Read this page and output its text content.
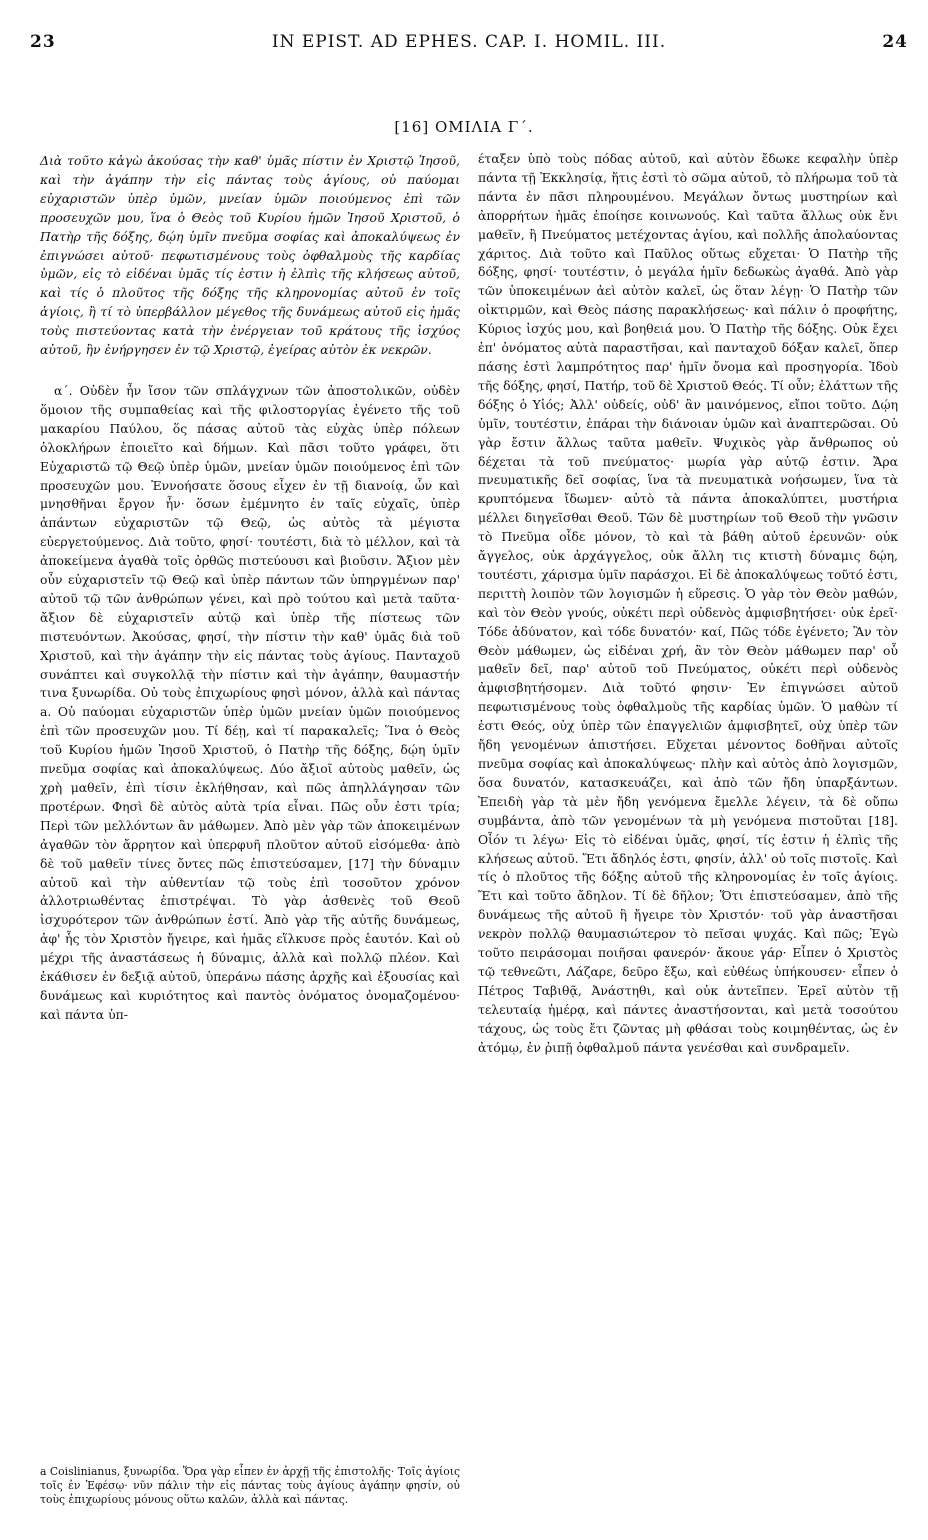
23	IN EPIST. AD EPHES. CAP. I. HOMIL. III.	24
[16] ΟΜΙΛΙΑ Γ΄.

Διὰ τοῦτο κἀγὼ ἀκούσας τὴν καθ' ὑμᾶς πίστιν ἐν Χριστῷ Ἰησοῦ, καὶ τὴν ἀγάπην τὴν εἰς πάντας τοὺς ἁγίους, οὐ παύομαι εὐχαριστῶν ὑπὲρ ὑμῶν, μνείαν ὑμῶν ποιούμενος ἐπὶ τῶν προσευχῶν μου, ἵνα ὁ Θεὸς τοῦ Κυρίου ἡμῶν Ἰησοῦ Χριστοῦ, ὁ Πατὴρ τῆς δόξης, δῴη ὑμῖν πνεῦμα σοφίας καὶ ἀποκαλύψεως ἐν ἐπιγνώσει αὐτοῦ· πεφωτισμένους τοὺς ὀφθαλμοὺς τῆς καρδίας ὑμῶν, εἰς τὸ εἰδέναι ὑμᾶς τίς ἐστιν ἡ ἐλπὶς τῆς κλήσεως αὐτοῦ, καὶ τίς ὁ πλοῦτος τῆς δόξης τῆς κληρονομίας αὐτοῦ ἐν τοῖς ἁγίοις, ἢ τί τὸ ὑπερβάλλον μέγεθος τῆς δυνάμεως αὐτοῦ εἰς ἡμᾶς τοὺς πιστεύοντας κατὰ τὴν ἐνέργειαν τοῦ κράτους τῆς ἰσχύος αὐτοῦ, ἣν ἐνήργησεν ἐν τῷ Χριστῷ, ἐγείρας αὐτὸν ἐκ νεκρῶν.

α΄. Οὐδὲν ἦν ἴσον τῶν σπλάγχνων τῶν ἀποστολικῶν, οὐδὲν ὅμοιον τῆς συμπαθείας καὶ τῆς φιλοστοργίας ἐγένετο τῆς τοῦ μακαρίου Παύλου, ὅς πάσας αὐτοῦ τὰς εὐχὰς ὑπὲρ πόλεων ὁλοκλήρων ἐποιεῖτο καὶ δήμων. Καὶ πᾶσι τοῦτο γράφει, ὅτι Εὐχαριστῶ τῷ Θεῷ ὑπὲρ ὑμῶν, μνείαν ὑμῶν ποιούμενος ἐπὶ τῶν προσευχῶν μου. Ἐννοήσατε ὅσους εἶχεν ἐν τῇ διανοίᾳ, ὧν καὶ μνησθῆναι ἔργον ἦν· ὅσων ἐμέμνητο ἐν ταῖς εὐχαῖς, ὑπὲρ ἁπάντων εὐχαριστῶν τῷ Θεῷ, ὡς αὐτὸς τὰ μέγιστα εὐεργετούμενος. Διὰ τοῦτο, φησί· τουτέστι, διὰ τὸ μέλλον, καὶ τὰ ἀποκείμενα ἀγαθὰ τοῖς ὀρθῶς πιστεύουσι καὶ βιοῦσιν. Ἄξιον μὲν οὖν εὐχαριστεῖν τῷ Θεῷ καὶ ὑπὲρ πάντων τῶν ὑπηργμένων παρ' αὐτοῦ τῷ τῶν ἀνθρώπων γένει, καὶ πρὸ τούτου καὶ μετὰ ταῦτα· ἄξιον δὲ εὐχαριστεῖν αὐτῷ καὶ ὑπὲρ τῆς πίστεως τῶν πιστευόντων. Ἀκούσας, φησί, τὴν πίστιν τὴν καθ' ὑμᾶς διὰ τοῦ Χριστοῦ, καὶ τὴν ἀγάπην τὴν εἰς πάντας τοὺς ἁγίους. Πανταχοῦ συνάπτει καὶ συγκολλᾷ τὴν πίστιν καὶ τὴν ἀγάπην, θαυμαστήν τινα ξυνωρίδα. Οὐ τοὺς ἐπιχωρίους φησὶ μόνον, ἀλλὰ καὶ πάντας a. Οὐ παύομαι εὐχαριστῶν ὑπὲρ ὑμῶν μνείαν ὑμῶν ποιούμενος ἐπὶ τῶν προσευχῶν μου. Τί δέῃ, καὶ τί παρακαλεῖς; Ἵνα ὁ Θεὸς τοῦ Κυρίου ἡμῶν Ἰησοῦ Χριστοῦ, ὁ Πατὴρ τῆς δόξης, δῴη ὑμῖν πνεῦμα σοφίας καὶ ἀποκαλύψεως. Δύο ἄξιοῖ αὐτοὺς μαθεῖν, ὡς χρὴ μαθεῖν, ἐπὶ τίσιν ἐκλήθησαν, καὶ πῶς ἀπηλλάγησαν τῶν προτέρων. Φησὶ δὲ αὐτὸς αὐτὰ τρία εἶναι. Πῶς οὖν ἐστι τρία; Περὶ τῶν μελλόντων ἂν μάθωμεν. Ἀπὸ μὲν γὰρ τῶν ἀποκειμένων ἀγαθῶν τὸν ἄρρητον καὶ ὑπερφυῆ πλοῦτον αὐτοῦ εἰσόμεθα· ἀπὸ δὲ τοῦ μαθεῖν τίνες ὄντες πῶς ἐπιστεύσαμεν, [17] τὴν δύναμιν αὐτοῦ καὶ τὴν αὐθεντίαν τῷ τοὺς ἐπὶ τοσοῦτον χρόνον ἀλλοτριωθέντας ἐπιστρέψαι. Τὸ γὰρ ἀσθενὲς τοῦ Θεοῦ ἰσχυρότερον τῶν ἀνθρώπων ἐστί. Ἀπὸ γὰρ τῆς αὐτῆς δυνάμεως, ἀφ' ἧς τὸν Χριστὸν ἤγειρε, καὶ ἡμᾶς εἵλκυσε πρὸς ἑαυτόν. Καὶ οὐ μέχρι τῆς ἀναστάσεως ἡ δύναμις, ἀλλὰ καὶ πολλῷ πλέον. Καὶ ἐκάθισεν ἐν δεξιᾷ αὐτοῦ, ὑπεράνω πάσης ἀρχῆς καὶ ἐξουσίας καὶ δυνάμεως καὶ κυριότητος καὶ παντὸς ὀνόματος ὀνομαζομένου· καὶ πάντα ὑπ-

έταξεν ὑπὸ τοὺς πόδας αὐτοῦ, καὶ αὐτὸν ἔδωκε κεφαλὴν ὑπὲρ πάντα τῇ Ἐκκλησίᾳ, ἥτις ἐστὶ τὸ σῶμα αὐτοῦ, τὸ πλήρωμα τοῦ τὰ πάντα ἐν πᾶσι πληρουμένου. Μεγάλων ὄντως μυστηρίων καὶ ἀπορρήτων ἡμᾶς ἐποίησε κοινωνούς. Καὶ ταῦτα ἄλλως οὐκ ἔνι μαθεῖν, ἢ Πνεύματος μετέχοντας ἁγίου, καὶ πολλῆς ἀπολαύοντας χάριτος. Διὰ τοῦτο καὶ Παῦλος οὕτως εὔχεται· Ὁ Πατὴρ τῆς δόξης, φησί· τουτέστιν, ὁ μεγάλα ἡμῖν δεδωκὼς ἀγαθά. Ἀπὸ γὰρ τῶν ὑποκειμένων ἀεὶ αὐτὸν καλεῖ, ὡς ὅταν λέγῃ· Ὁ Πατὴρ τῶν οἰκτιρμῶν, καὶ Θεὸς πάσης παρακλήσεως· καὶ πάλιν ὁ προφήτης, Κύριος ἰσχύς μου, καὶ βοηθειά μου. Ὁ Πατὴρ τῆς δόξης. Οὐκ ἔχει ἐπ' ὀνόματος αὐτὰ παραστῆσαι, καὶ πανταχοῦ δόξαν καλεῖ, ὅπερ πάσης ἐστὶ λαμπρότητος παρ' ἡμῖν ὄνομα καὶ προσηγορία. Ἰδοὺ τῆς δόξης, φησί, Πατήρ, τοῦ δὲ Χριστοῦ Θεός. Τί οὖν; ἐλάττων τῆς δόξης ὁ Υἱός; Ἀλλ' οὐδείς, οὐδ' ἂν μαινόμενος, εἴποι τοῦτο. Δῴη ὑμῖν, τουτέστιν, ἐπάραι τὴν διάνοιαν ὑμῶν καὶ ἀναπτερῶσαι. Οὐ γὰρ ἔστιν ἄλλως ταῦτα μαθεῖν. Ψυχικὸς γὰρ ἄνθρωπος οὐ δέχεται τὰ τοῦ πνεύματος· μωρία γὰρ αὐτῷ ἐστιν. Ἄρα πνευματικῆς δεῖ σοφίας, ἵνα τὰ πνευματικὰ νοήσωμεν, ἵνα τὰ κρυπτόμενα ἴδωμεν· αὐτὸ τὰ πάντα ἀποκαλύπτει, μυστήρια μέλλει διηγεῖσθαι Θεοῦ. Τῶν δὲ μυστηρίων τοῦ Θεοῦ τὴν γνῶσιν τὸ Πνεῦμα οἶδε μόνον, τὸ καὶ τὰ βάθη αὐτοῦ ἐρευνῶν· οὐκ ἄγγελος, οὐκ ἀρχάγγελος, οὐκ ἄλλη τις κτιστὴ δύναμις δῴη, τουτέστι, χάρισμα ὑμῖν παράσχοι. Εἰ δὲ ἀποκαλύψεως τοῦτό ἐστι, περιττὴ λοιπὸν τῶν λογισμῶν ἡ εὕρεσις. Ὁ γὰρ τὸν Θεὸν μαθών, καὶ τὸν Θεὸν γνούς, οὐκέτι περὶ οὐδενὸς ἀμφισβητήσει· οὐκ ἐρεῖ· Τόδε ἀδύνατον, καὶ τόδε δυνατόν· καί, Πῶς τόδε ἐγένετο; Ἂν τὸν Θεὸν μάθωμεν, ὡς εἰδέναι χρή, ἂν τὸν Θεὸν μάθωμεν παρ' οὗ μαθεῖν δεῖ, παρ' αὐτοῦ τοῦ Πνεύματος, οὐκέτι περὶ οὐδενὸς ἀμφισβητήσομεν. Διὰ τοῦτό φησιν· Ἐν ἐπιγνώσει αὐτοῦ πεφωτισμένους τοὺς ὀφθαλμοὺς τῆς καρδίας ὑμῶν. Ὁ μαθὼν τί ἐστι Θεός, οὐχ ὑπὲρ τῶν ἐπαγγελιῶν ἀμφισβητεῖ, οὐχ ὑπὲρ τῶν ἤδη γενομένων ἀπιστήσει. Εὔχεται μένοντος δοθῆναι αὐτοῖς πνεῦμα σοφίας καὶ ἀποκαλύψεως· πλὴν καὶ αὐτὸς ἀπὸ λογισμῶν, ὅσα δυνατόν, κατασκευάζει, καὶ ἀπὸ τῶν ἤδη ὑπαρξάντων. Ἐπειδὴ γὰρ τὰ μὲν ἤδη γενόμενα ἔμελλε λέγειν, τὰ δὲ οὔπω συμβάντα, ἀπὸ τῶν γενομένων τὰ μὴ γενόμενα πιστοῦται [18]. Οἷόν τι λέγω· Εἰς τὸ εἰδέναι ὑμᾶς, φησί, τίς ἐστιν ἡ ἐλπὶς τῆς κλήσεως αὐτοῦ. Ἔτι ἄδηλός ἐστι, φησίν, ἀλλ' οὐ τοῖς πιστοῖς. Καὶ τίς ὁ πλοῦτος τῆς δόξης αὐτοῦ τῆς κληρονομίας ἐν τοῖς ἁγίοις. Ἔτι καὶ τοῦτο ἄδηλον. Τί δὲ δῆλον; Ὅτι ἐπιστεύσαμεν, ἀπὸ τῆς δυνάμεως τῆς αὐτοῦ ἣ ἤγειρε τὸν Χριστόν· τοῦ γὰρ ἀναστῆσαι νεκρὸν πολλῷ θαυμασιώτερον τὸ πεῖσαι ψυχάς. Καὶ πῶς; Ἐγὼ τοῦτο πειράσομαι ποιῆσαι φανερόν· ἄκουε γάρ· Εἶπεν ὁ Χριστὸς τῷ τεθνεῶτι, Λάζαρε, δεῦρο ἔξω, καὶ εὐθέως ὑπήκουσεν· εἶπεν ὁ Πέτρος Ταβιθᾷ, Ἀνάστηθι, καὶ οὐκ ἀντεῖπεν. Ἐρεῖ αὐτὸν τῇ τελευταίᾳ ἡμέρᾳ, καὶ πάντες ἀναστήσονται, καὶ μετὰ τοσούτου τάχους, ὡς τοὺς ἔτι ζῶντας μὴ φθάσαι τοὺς κοιμηθέντας, ὡς ἐν ἀτόμῳ, ἐν ῥιπῇ ὀφθαλμοῦ πάντα γενέσθαι καὶ συνδραμεῖν.

a Coislinianus, ξυνωρίδα. Ὅρα γὰρ εἶπεν ἐν ἀρχῇ τῆς ἐπιστολῆς· Τοῖς ἁγίοις τοῖς ἐν Ἐφέσῳ· νῦν πάλιν τὴν εἰς πάντας τοὺς ἁγίους ἀγάπην φησίν, οὐ τοὺς ἐπιχωρίους μόνους οὕτω καλῶν, ἀλλὰ καὶ πάντας.
